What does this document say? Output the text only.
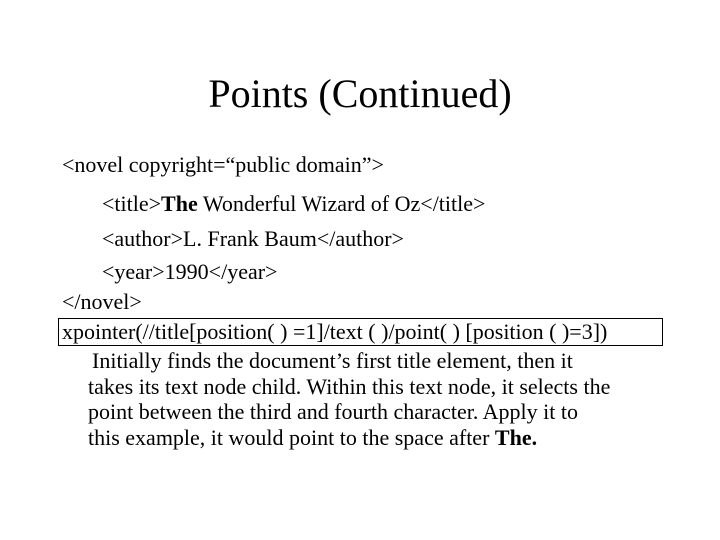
Points (Continued)
<novel copyright=“public domain”>
<title>The Wonderful Wizard of Oz</title>
<author>L. Frank Baum</author>
<year>1990</year>
</novel>
xpointer(//title[position( ) =1]/text ( )/point( ) [position ( )=3])
Initially finds the document’s first title element, then it
takes its text node child. Within this text node, it selects the
point between the third and fourth character. Apply it to
this example, it would point to the space after The.
